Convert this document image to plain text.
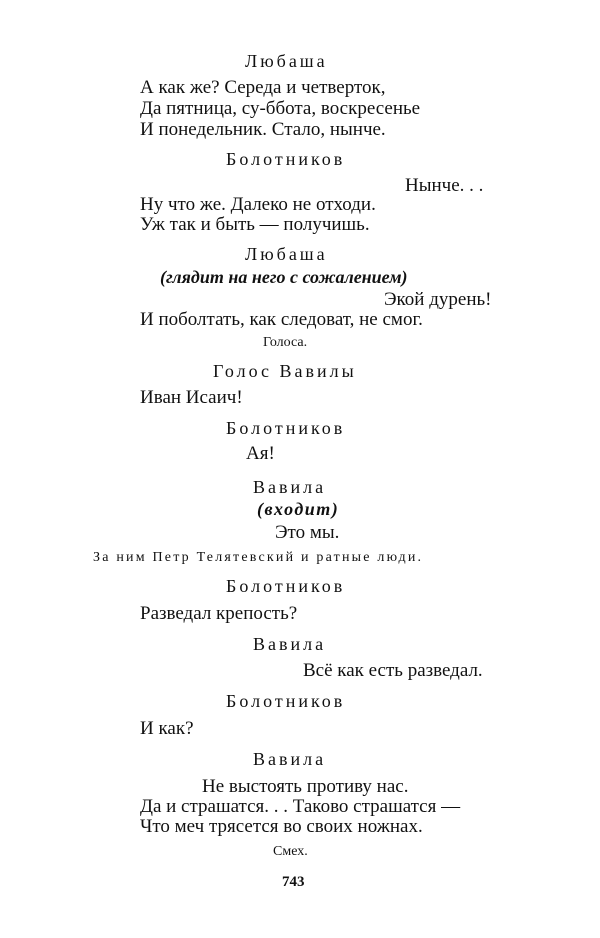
Любаша
А как же? Середа и четверток,
Да пятница, су-ббота, воскресенье
И понедельник. Стало, нынче.
Болотников
Нынче. . .
Ну что же. Далеко не отходи.
Уж так и быть — получишь.
Любаша
(глядит на него с сожалением)
Экой дурень!
И поболтать, как следоват, не смог.
Голоса.
Голос Вавилы
Иван Исаич!
Болотников
Ая!
Вавила
(входит)
Это мы.
За ним Петр Телятевский и ратные люди.
Болотников
Разведал крепость?
Вавила
Всё как есть разведал.
Болотников
И как?
Вавила
Не выстоять противу нас.
Да и страшатся. . . Таково страшатся —
Что меч трясется во своих ножнах.
Смех.
743
